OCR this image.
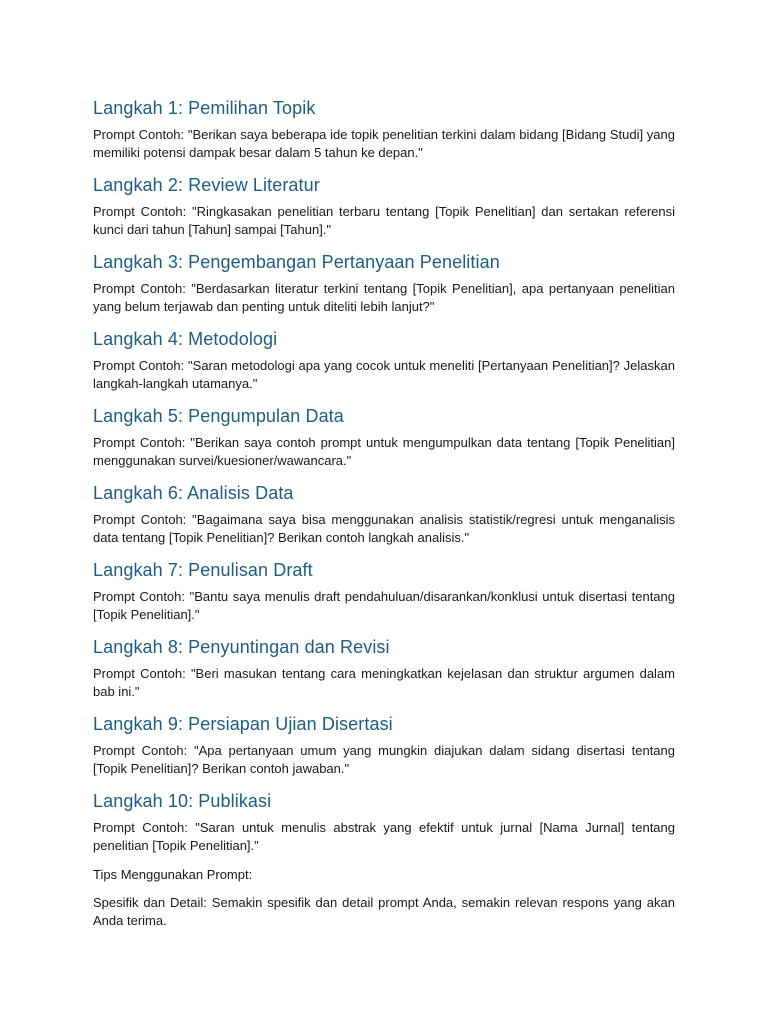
Langkah 1: Pemilihan Topik

Prompt Contoh: "Berikan saya beberapa ide topik penelitian terkini dalam bidang [Bidang Studi] yang memiliki potensi dampak besar dalam 5 tahun ke depan."

Langkah 2: Review Literatur

Prompt Contoh: "Ringkasakan penelitian terbaru tentang [Topik Penelitian] dan sertakan referensi kunci dari tahun [Tahun] sampai [Tahun]."

Langkah 3: Pengembangan Pertanyaan Penelitian

Prompt Contoh: "Berdasarkan literatur terkini tentang [Topik Penelitian], apa pertanyaan penelitian yang belum terjawab dan penting untuk diteliti lebih lanjut?"

Langkah 4: Metodologi

Prompt Contoh: "Saran metodologi apa yang cocok untuk meneliti [Pertanyaan Penelitian]? Jelaskan langkah-langkah utamanya."

Langkah 5: Pengumpulan Data

Prompt Contoh: "Berikan saya contoh prompt untuk mengumpulkan data tentang [Topik Penelitian] menggunakan survei/kuesioner/wawancara."

Langkah 6: Analisis Data

Prompt Contoh: "Bagaimana saya bisa menggunakan analisis statistik/regresi untuk menganalisis data tentang [Topik Penelitian]? Berikan contoh langkah analisis."

Langkah 7: Penulisan Draft

Prompt Contoh: "Bantu saya menulis draft pendahuluan/disarankan/konklusi untuk disertasi tentang [Topik Penelitian]."

Langkah 8: Penyuntingan dan Revisi

Prompt Contoh: "Beri masukan tentang cara meningkatkan kejelasan dan struktur argumen dalam bab ini."

Langkah 9: Persiapan Ujian Disertasi

Prompt Contoh: "Apa pertanyaan umum yang mungkin diajukan dalam sidang disertasi tentang [Topik Penelitian]? Berikan contoh jawaban."

Langkah 10: Publikasi

Prompt Contoh: "Saran untuk menulis abstrak yang efektif untuk jurnal [Nama Jurnal] tentang penelitian [Topik Penelitian]."

Tips Menggunakan Prompt:

Spesifik dan Detail: Semakin spesifik dan detail prompt Anda, semakin relevan respons yang akan Anda terima.
